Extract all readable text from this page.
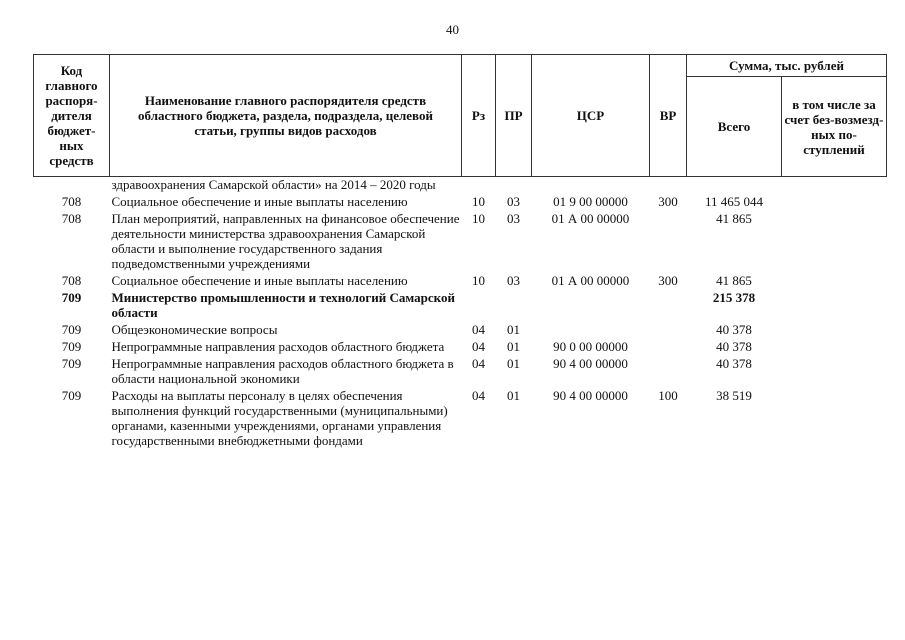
40
Код главного распоря-дителя бюджет-ных средств	Наименование главного распорядителя средств областного бюджета, раздела, подраздела, целевой статьи, группы видов расходов	Рз	ПР	ЦСР	ВР	Сумма, тыс. рублей	
						Всего	в том числе за счет без-возмезд-ных по-ступлений
	здравоохранения Самарской области» на 2014 – 2020 годы						
708	Социальное обеспечение и иные выплаты населению	10	03	01 9 00 00000	300	11 465 044	
708	План мероприятий, направленных на финансовое обеспечение деятельности министерства здравоохранения Самарской области и выполнение государственного задания подведомственными учреждениями	10	03	01 А 00 00000		41 865	
708	Социальное обеспечение и иные выплаты населению	10	03	01 А 00 00000	300	41 865	
709	Министерство промышленности и технологий Самарской области					215 378	
709	Общеэкономические вопросы	04	01			40 378	
709	Непрограммные направления расходов областного бюджета	04	01	90 0 00 00000		40 378	
709	Непрограммные направления расходов областного бюджета в области национальной экономики	04	01	90 4 00 00000		40 378	
709	Расходы на выплаты персоналу в целях обеспечения выполнения функций государственными (муниципальными) органами, казенными учреждениями, органами управления государственными внебюджетными фондами	04	01	90 4 00 00000	100	38 519	
